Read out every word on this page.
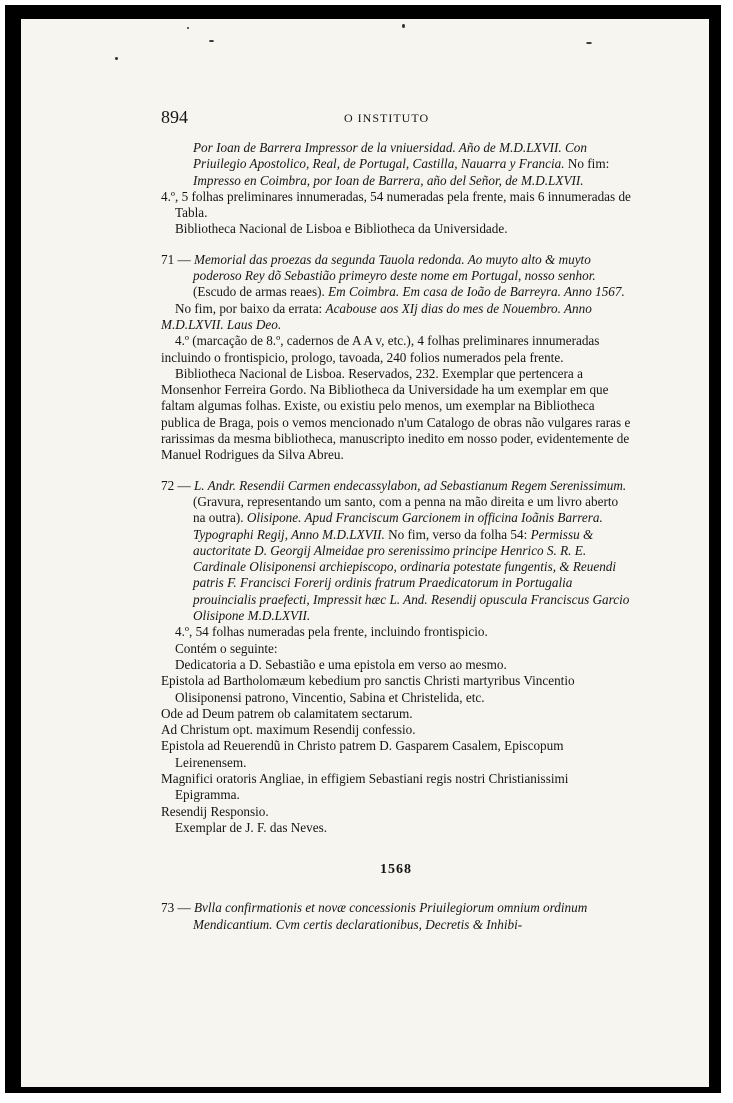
894	O INSTITUTO

Por Ioan de Barrera Impressor de la vniuersidad. Año de M.D.LXVII. Con Priuilegio Apostolico, Real, de Portugal, Castilla, Nauarra y Francia. No fim: Impresso en Coimbra, por Ioan de Barrera, año del Señor, de M.D.LXVII.

4.º, 5 folhas preliminares innumeradas, 54 numeradas pela frente, mais 6 innumeradas de Tabla.

Bibliotheca Nacional de Lisboa e Bibliotheca da Universidade.

71 — Memorial das proezas da segunda Tauola redonda. Ao muyto alto & muyto poderoso Rey dõ Sebastião primeyro deste nome em Portugal, nosso senhor. (Escudo de armas reaes). Em Coimbra. Em casa de Ioão de Barreyra. Anno 1567.

No fim, por baixo da errata: Acabouse aos XIj dias do mes de Nouembro. Anno M.D.LXVII. Laus Deo.

4.º (marcação de 8.º, cadernos de A A v, etc.), 4 folhas preliminares innumeradas incluindo o frontispicio, prologo, tavoada, 240 folios numerados pela frente.

Bibliotheca Nacional de Lisboa. Reservados, 232. Exemplar que pertencera a Monsenhor Ferreira Gordo. Na Bibliotheca da Universidade ha um exemplar em que faltam algumas folhas. Existe, ou existiu pelo menos, um exemplar na Bibliotheca publica de Braga, pois o vemos mencionado n'um Catalogo de obras não vulgares raras e rarissimas da mesma bibliotheca, manuscripto inedito em nosso poder, evidentemente de Manuel Rodrigues da Silva Abreu.

72 — L. Andr. Resendii Carmen endecassylabon, ad Sebastianum Regem Serenissimum. (Gravura, representando um santo, com a penna na mão direita e um livro aberto na outra). Olisipone. Apud Franciscum Garcionem in officina Ioãnis Barrera. Typographi Regij, Anno M.D.LXVII. No fim, verso da folha 54: Permissu & auctoritate D. Georgij Almeidae pro serenissimo principe Henrico S. R. E. Cardinale Olisiponensi archiepiscopo, ordinaria potestate fungentis, & Reuendi patris F. Francisci Forerij ordinis fratrum Praedicatorum in Portugalia prouincialis praefecti, Impressit hæc L. And. Resendij opuscula Franciscus Garcio Olisipone M.D.LXVII.

4.º, 54 folhas numeradas pela frente, incluindo frontispicio.

Contém o seguinte:

Dedicatoria a D. Sebastião e uma epistola em verso ao mesmo.

Epistola ad Bartholomæum kebedium pro sanctis Christi martyribus Vincentio Olisiponensi patrono, Vincentio, Sabina et Christelida, etc.

Ode ad Deum patrem ob calamitatem sectarum.

Ad Christum opt. maximum Resendij confessio.

Epistola ad Reuerendũ in Christo patrem D. Gasparem Casalem, Episcopum Leirenensem.

Magnifici oratoris Angliae, in effigiem Sebastiani regis nostri Christianissimi Epigramma.

Resendij Responsio.

Exemplar de J. F. das Neves.

1568

73 — Bvlla confirmationis et novæ concessionis Priuilegiorum omnium ordinum Mendicantium. Cvm certis declarationibus, Decretis & Inhibi-
